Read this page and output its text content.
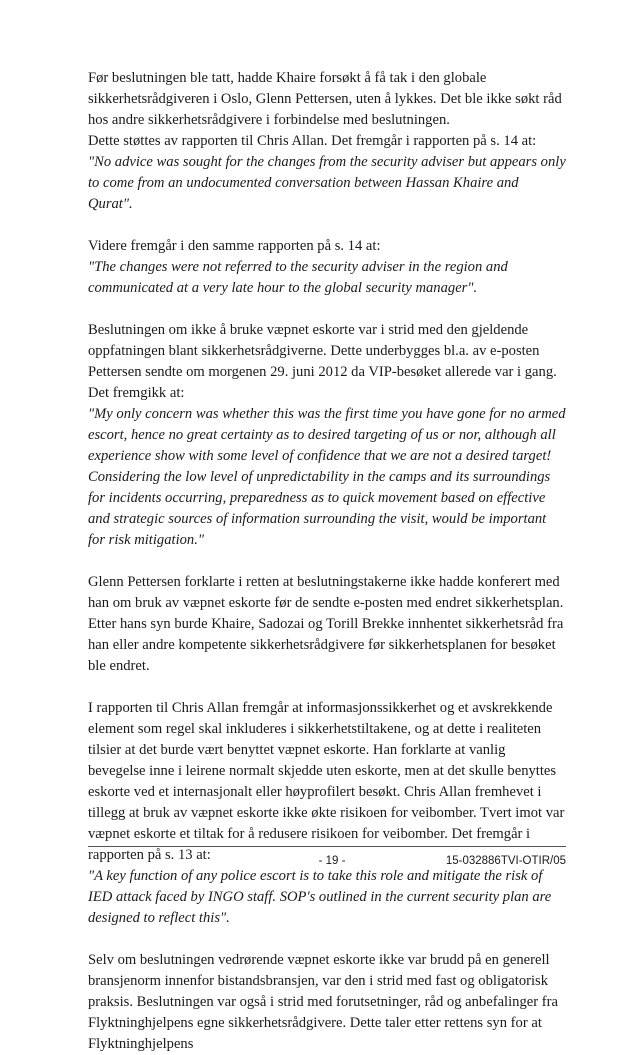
Før beslutningen ble tatt, hadde Khaire forsøkt å få tak i den globale sikkerhetsrådgiveren i Oslo, Glenn Pettersen, uten å lykkes. Det ble ikke søkt råd hos andre sikkerhetsrådgivere i forbindelse med beslutningen.

Dette støttes av rapporten til Chris Allan. Det fremgår i rapporten på s. 14 at:

"No advice was sought for the changes from the security adviser but appears only to come from an undocumented conversation between Hassan Khaire and Qurat".

Videre fremgår i den samme rapporten på s. 14 at:

"The changes were not referred to the security adviser in the region and communicated at a very late hour to the global security manager".

Beslutningen om ikke å bruke væpnet eskorte var i strid med den gjeldende oppfatningen blant sikkerhetsrådgiverne. Dette underbygges bl.a. av e-posten Pettersen sendte om morgenen 29. juni 2012 da VIP-besøket allerede var i gang. Det fremgikk at:

"My only concern was whether this was the first time you have gone for no armed escort, hence no great certainty as to desired targeting of us or nor, although all experience show with some level of confidence that we are not a desired target! Considering the low level of unpredictability in the camps and its surroundings for incidents occurring, preparedness as to quick movement based on effective and strategic sources of information surrounding the visit, would be important for risk mitigation."

Glenn Pettersen forklarte i retten at beslutningstakerne ikke hadde konferert med han om bruk av væpnet eskorte før de sendte e-posten med endret sikkerhetsplan. Etter hans syn burde Khaire, Sadozai og Torill Brekke innhentet sikkerhetsråd fra han eller andre kompetente sikkerhetsrådgivere før sikkerhetsplanen for besøket ble endret.

I rapporten til Chris Allan fremgår at informasjonssikkerhet og et avskrekkende element som regel skal inkluderes i sikkerhetstiltakene, og at dette i realiteten tilsier at det burde vært benyttet væpnet eskorte. Han forklarte at vanlig bevegelse inne i leirene normalt skjedde uten eskorte, men at det skulle benyttes eskorte ved et internasjonalt eller høyprofilert besøkt. Chris Allan fremhevet i tillegg at bruk av væpnet eskorte ikke økte risikoen for veibomber. Tvert imot var væpnet eskorte et tiltak for å redusere risikoen for veibomber. Det fremgår i rapporten på s. 13 at:

"A key function of any police escort is to take this role and mitigate the risk of IED attack faced by INGO staff. SOP's outlined in the current security plan are designed to reflect this".

Selv om beslutningen vedrørende væpnet eskorte ikke var brudd på en generell bransjenorm innenfor bistandsbransjen, var den i strid med fast og obligatorisk praksis. Beslutningen var også i strid med forutsetninger, råd og anbefalinger fra Flyktninghjelpens egne sikkerhetsrådgivere. Dette taler etter rettens syn for at Flyktninghjelpens

- 19 -	15-032886TVI-OTIR/05
